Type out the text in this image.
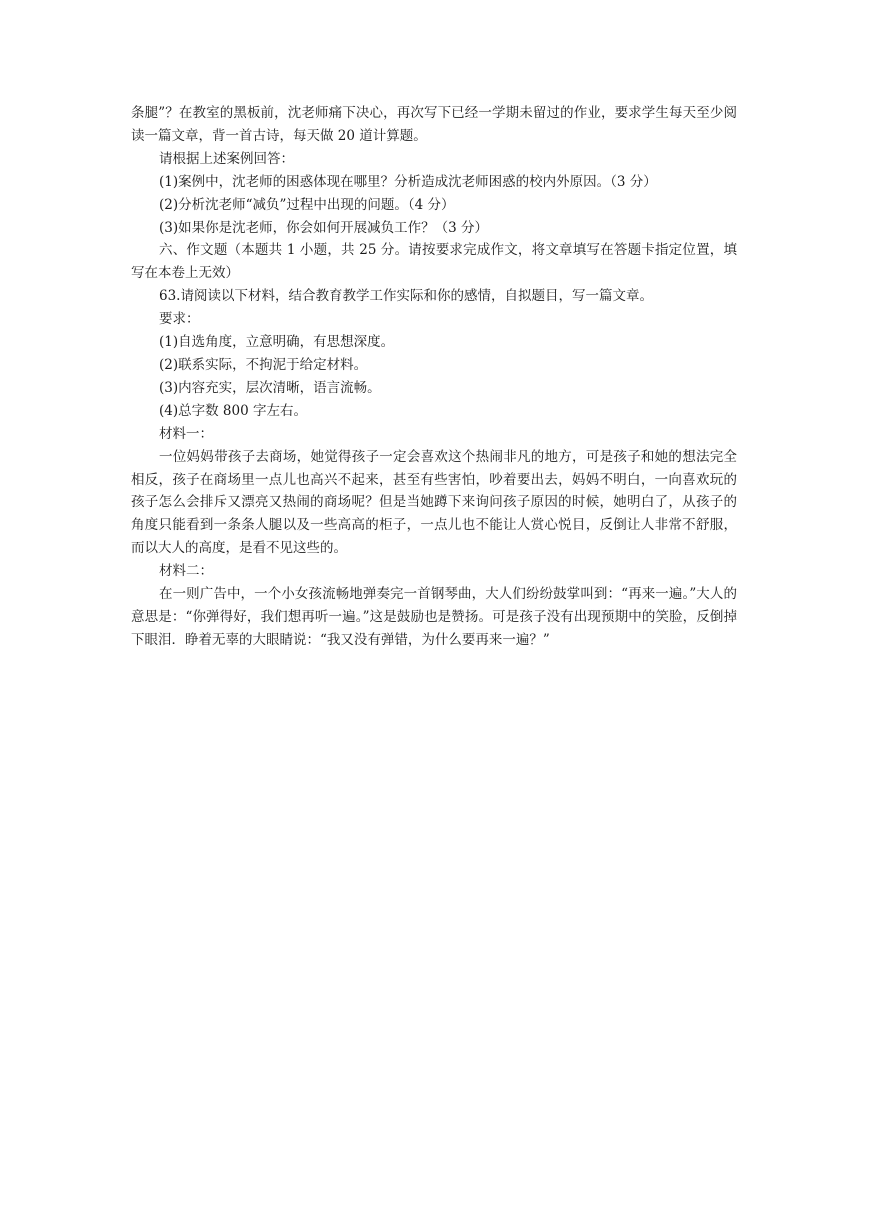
条腿”？在教室的黑板前，沈老师痛下决心，再次写下已经一学期未留过的作业，要求学生每天至少阅读一篇文章，背一首古诗，每天做 20 道计算题。

请根据上述案例回答：

(1)案例中，沈老师的困惑体现在哪里？分析造成沈老师困惑的校内外原因。（3 分）

(2)分析沈老师“减负”过程中出现的问题。（4 分）

(3)如果你是沈老师，你会如何开展减负工作？（3 分）

六、作文题（本题共 1 小题，共 25 分。请按要求完成作文，将文章填写在答题卡指定位置，填写在本卷上无效）

63.请阅读以下材料，结合教育教学工作实际和你的感情，自拟题目，写一篇文章。

要求：

(1)自选角度，立意明确，有思想深度。

(2)联系实际，不拘泥于给定材料。

(3)内容充实，层次清晰，语言流畅。

(4)总字数 800 字左右。

材料一：

一位妈妈带孩子去商场，她觉得孩子一定会喜欢这个热闹非凡的地方，可是孩子和她的想法完全相反，孩子在商场里一点儿也高兴不起来，甚至有些害怕，吵着要出去，妈妈不明白，一向喜欢玩的孩子怎么会排斥又漂亮又热闹的商场呢？但是当她蹲下来询问孩子原因的时候，她明白了，从孩子的角度只能看到一条条人腿以及一些高高的柜子，一点儿也不能让人赏心悦目，反倒让人非常不舒服，而以大人的高度，是看不见这些的。

材料二：

在一则广告中，一个小女孩流畅地弹奏完一首钢琴曲，大人们纷纷鼓掌叫到：“再来一遍。”大人的意思是：“你弹得好，我们想再听一遍。”这是鼓励也是赞扬。可是孩子没有出现预期中的笑脸，反倒掉下眼泪．睁着无辜的大眼睛说：“我又没有弹错，为什么要再来一遍？”
